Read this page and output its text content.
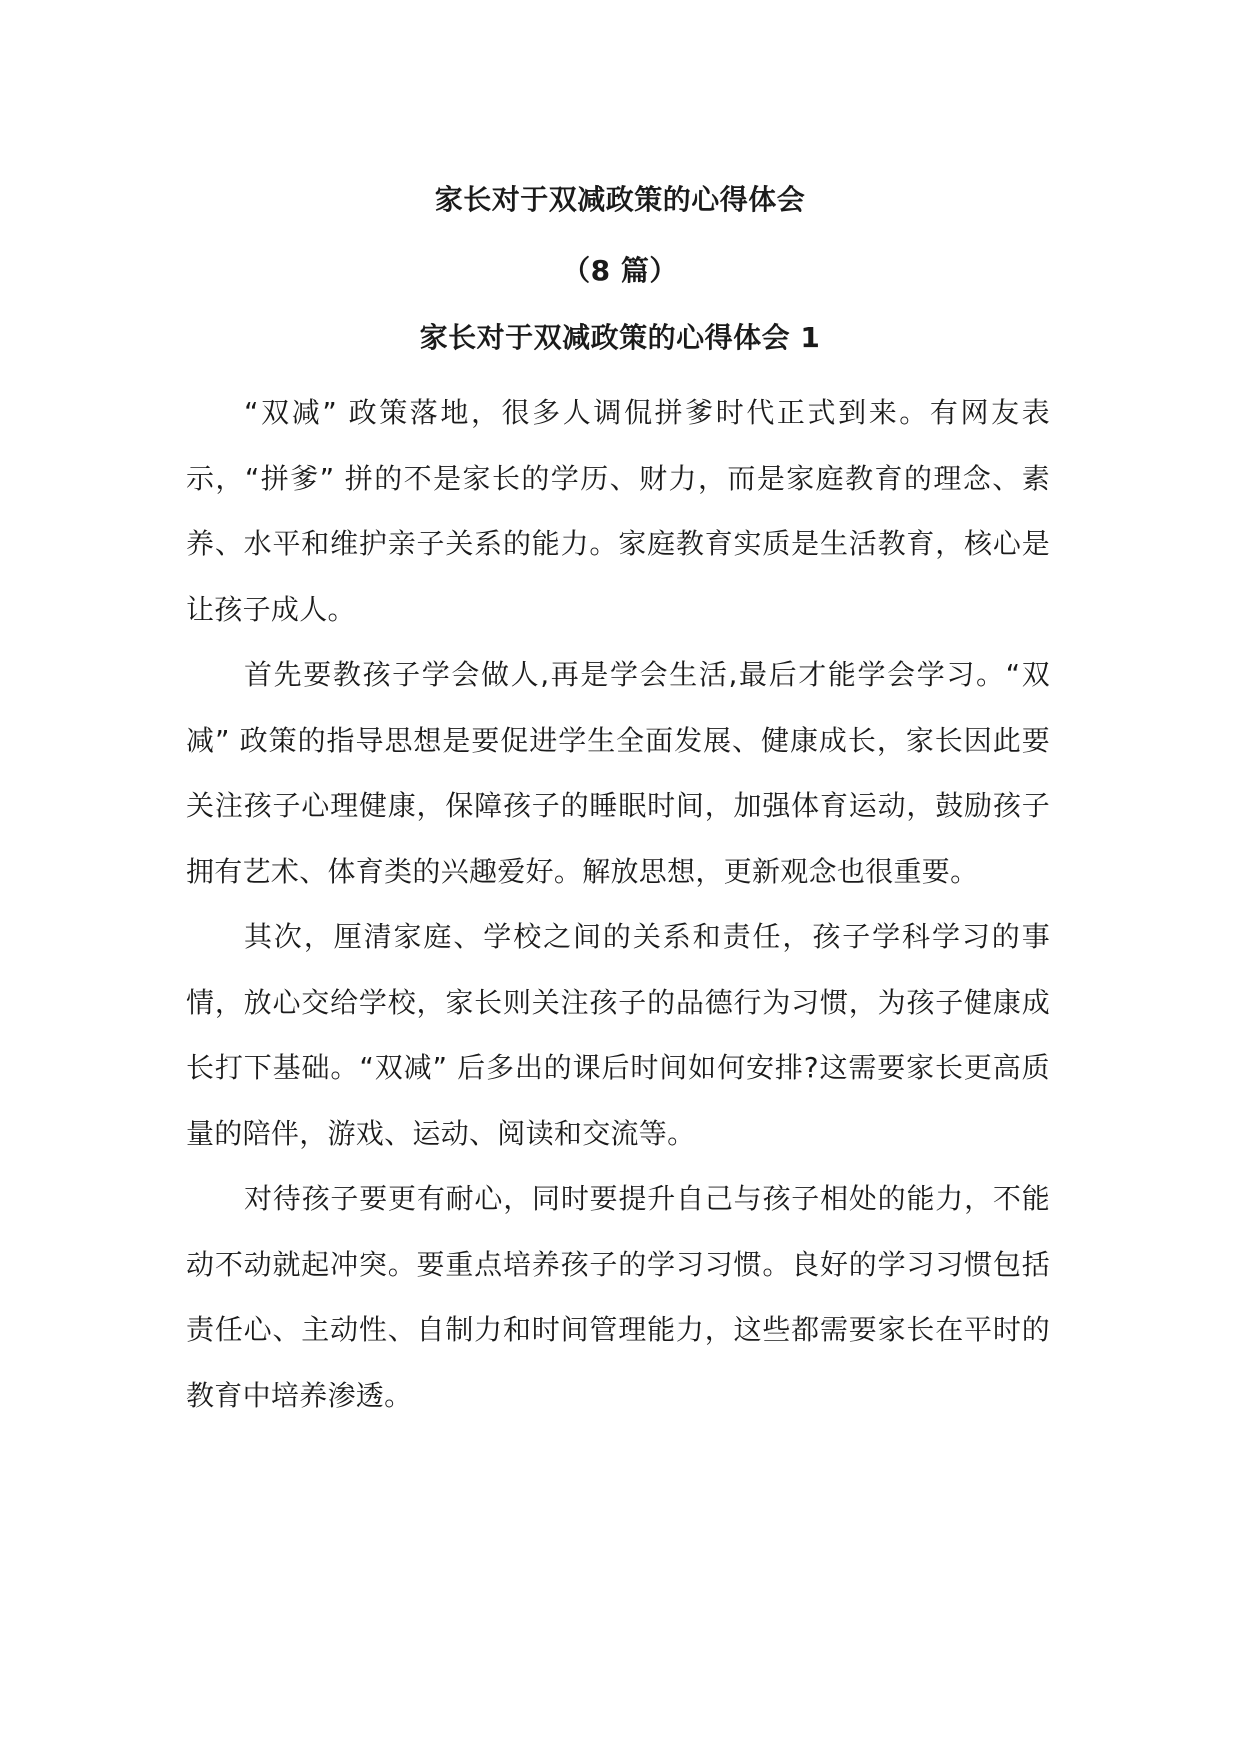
家长对于双减政策的心得体会
（8 篇）
家长对于双减政策的心得体会 1

“双减” 政策落地，很多人调侃拼爹时代正式到来。有网友表示，“拼爹” 拼的不是家长的学历、财力，而是家庭教育的理念、素养、水平和维护亲子关系的能力。家庭教育实质是生活教育，核心是让孩子成人。

首先要教孩子学会做人,再是学会生活,最后才能学会学习。“双减” 政策的指导思想是要促进学生全面发展、健康成长，家长因此要关注孩子心理健康，保障孩子的睡眠时间，加强体育运动，鼓励孩子拥有艺术、体育类的兴趣爱好。解放思想，更新观念也很重要。

其次，厘清家庭、学校之间的关系和责任，孩子学科学习的事情，放心交给学校，家长则关注孩子的品德行为习惯，为孩子健康成长打下基础。“双减” 后多出的课后时间如何安排?这需要家长更高质量的陪伴，游戏、运动、阅读和交流等。

对待孩子要更有耐心，同时要提升自己与孩子相处的能力，不能动不动就起冲突。要重点培养孩子的学习习惯。良好的学习习惯包括责任心、主动性、自制力和时间管理能力，这些都需要家长在平时的教育中培养渗透。
